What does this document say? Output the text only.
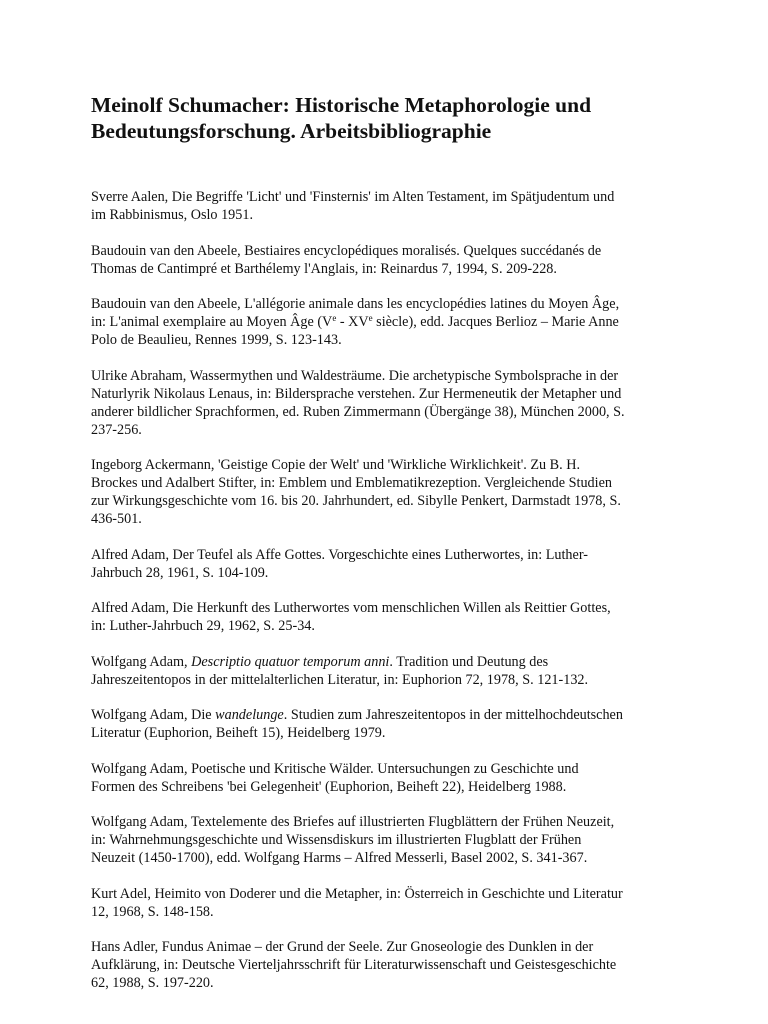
Meinolf Schumacher: Historische Metaphorologie und
Bedeutungsforschung. Arbeitsbibliographie

Sverre Aalen, Die Begriffe 'Licht' und 'Finsternis' im Alten Testament, im Spätjudentum und
im Rabbinismus, Oslo 1951.

Baudouin van den Abeele, Bestiaires encyclopédiques moralisés. Quelques succédanés de
Thomas de Cantimpré et Barthélemy l'Anglais, in: Reinardus 7, 1994, S. 209-228.

Baudouin van den Abeele, L'allégorie animale dans les encyclopédies latines du Moyen Âge,
in: L'animal exemplaire au Moyen Âge (Ve - XVe siècle), edd. Jacques Berlioz – Marie Anne
Polo de Beaulieu, Rennes 1999, S. 123-143.

Ulrike Abraham, Wassermythen und Waldesträume. Die archetypische Symbolsprache in der
Naturlyrik Nikolaus Lenaus, in: Bildersprache verstehen. Zur Hermeneutik der Metapher und
anderer bildlicher Sprachformen, ed. Ruben Zimmermann (Übergänge 38), München 2000, S.
237-256.

Ingeborg Ackermann, 'Geistige Copie der Welt' und 'Wirkliche Wirklichkeit'. Zu B. H.
Brockes und Adalbert Stifter, in: Emblem und Emblematikrezeption. Vergleichende Studien
zur Wirkungsgeschichte vom 16. bis 20. Jahrhundert, ed. Sibylle Penkert, Darmstadt 1978, S.
436-501.

Alfred Adam, Der Teufel als Affe Gottes. Vorgeschichte eines Lutherwortes, in: Luther-
Jahrbuch 28, 1961, S. 104-109.

Alfred Adam, Die Herkunft des Lutherwortes vom menschlichen Willen als Reittier Gottes,
in: Luther-Jahrbuch 29, 1962, S. 25-34.

Wolfgang Adam, Descriptio quatuor temporum anni. Tradition und Deutung des
Jahreszeitentopos in der mittelalterlichen Literatur, in: Euphorion 72, 1978, S. 121-132.

Wolfgang Adam, Die wandelunge. Studien zum Jahreszeitentopos in der mittelhochdeutschen
Literatur (Euphorion, Beiheft 15), Heidelberg 1979.

Wolfgang Adam, Poetische und Kritische Wälder. Untersuchungen zu Geschichte und
Formen des Schreibens 'bei Gelegenheit' (Euphorion, Beiheft 22), Heidelberg 1988.

Wolfgang Adam, Textelemente des Briefes auf illustrierten Flugblättern der Frühen Neuzeit,
in: Wahrnehmungsgeschichte und Wissensdiskurs im illustrierten Flugblatt der Frühen
Neuzeit (1450-1700), edd. Wolfgang Harms – Alfred Messerli, Basel 2002, S. 341-367.

Kurt Adel, Heimito von Doderer und die Metapher, in: Österreich in Geschichte und Literatur
12, 1968, S. 148-158.

Hans Adler, Fundus Animae – der Grund der Seele. Zur Gnoseologie des Dunklen in der
Aufklärung, in: Deutsche Vierteljahrsschrift für Literaturwissenschaft und Geistesgeschichte
62, 1988, S. 197-220.
